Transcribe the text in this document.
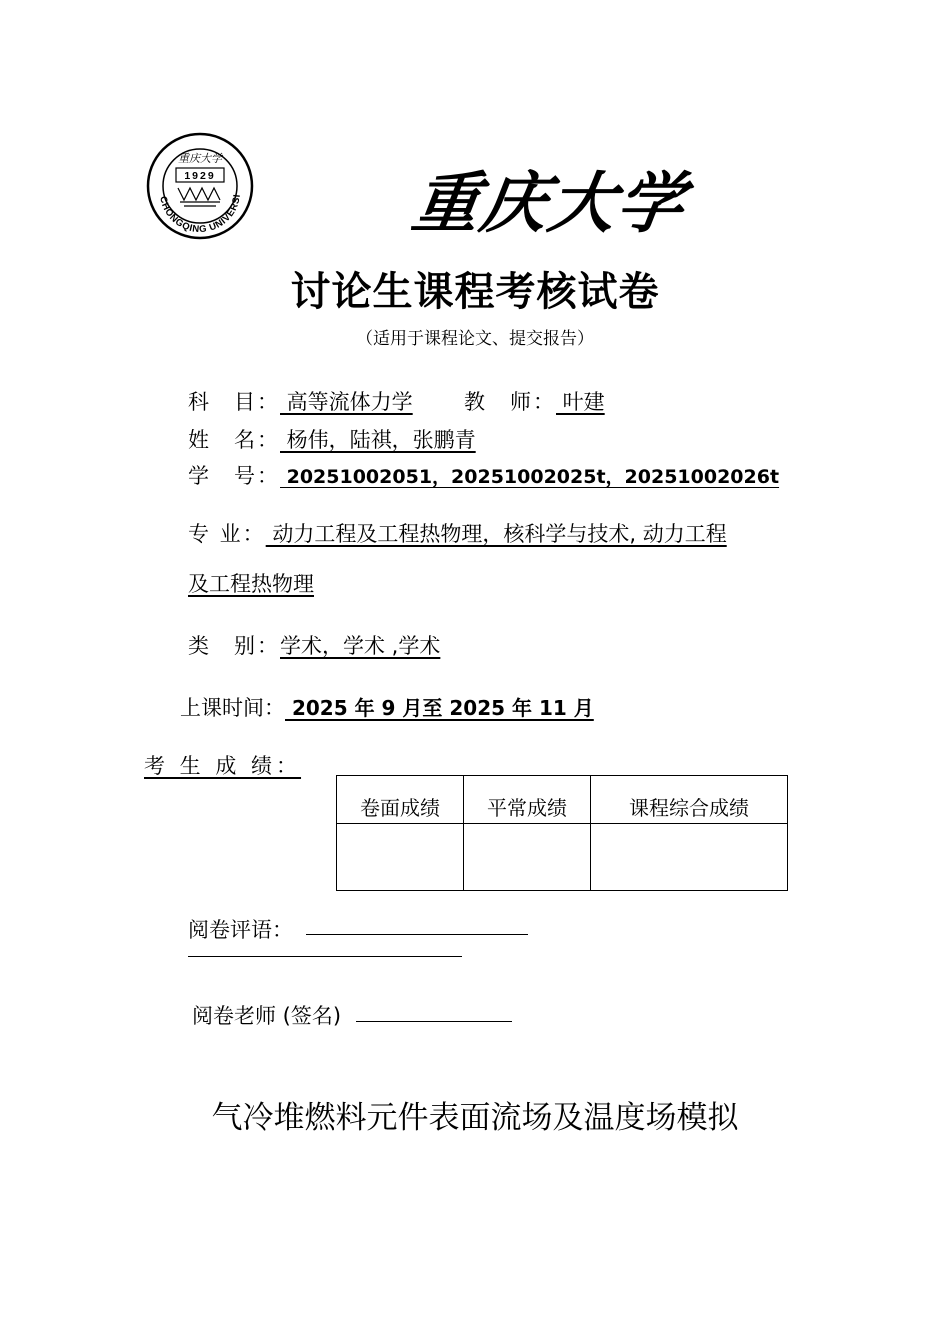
CHONGQING UNIVERSI
重庆大学
1929	重庆大学
讨论生课程考核试卷
（适用于课程论文、提交报告）
科　目： 高等流体力学 教　师： 叶建
姓　名： 杨伟，陆祺，张鹏青
学　号： 20251002051，20251002025t，20251002026t
专 业： 动力工程及工程热物理，核科学与技术, 动力工程
及工程热物理
类　别：学术，学术 ,学术
上课时间： 2025 年 9 月至 2025 年 11 月
考 生 成 绩：
卷面成绩	平常成绩	课程综合成绩

阅卷评语：
阅卷老师 (签名)
气冷堆燃料元件表面流场及温度场模拟
